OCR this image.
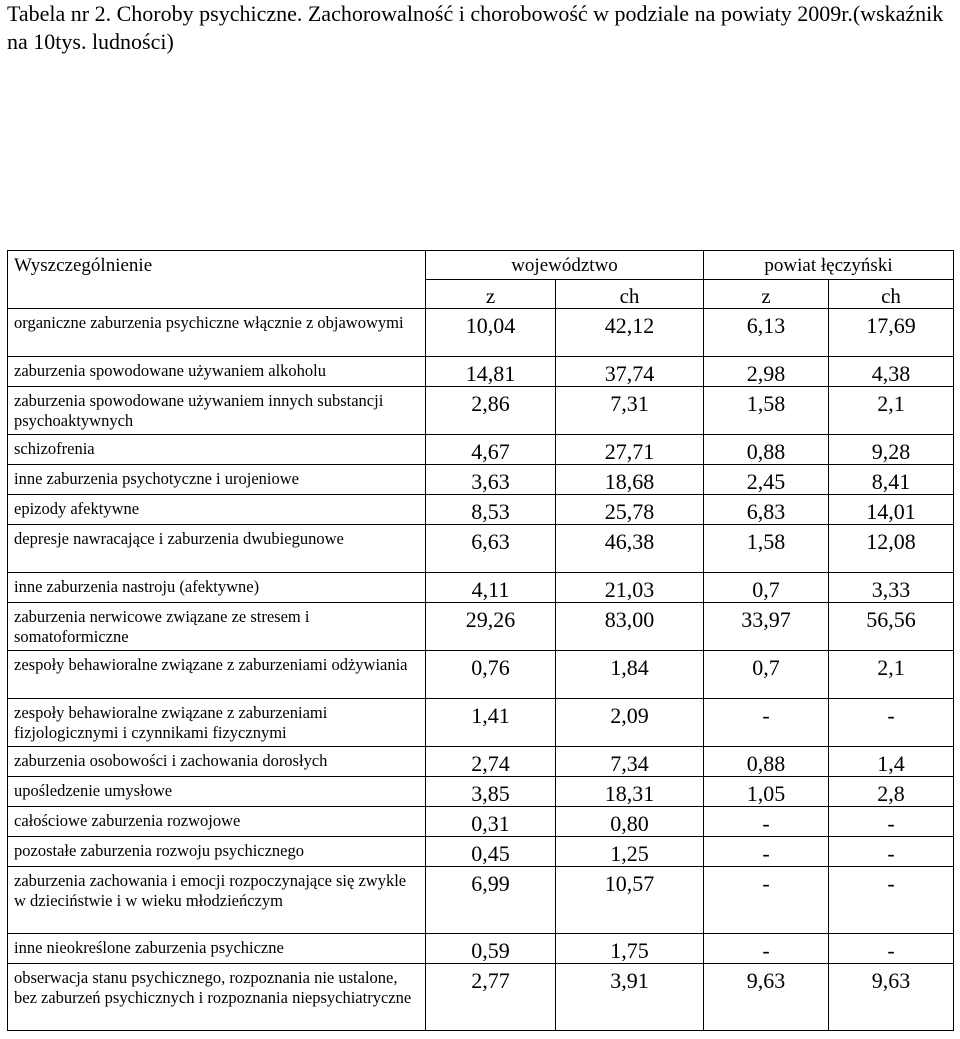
Tabela nr 2. Choroby psychiczne. Zachorowalność i chorobowość w podziale na powiaty 2009r.(wskaźnik na 10tys. ludności)
Wyszczególnienie	województwo		powiat łęczyński	
	z	ch	z	ch
organiczne zaburzenia psychiczne włącznie z objawowymi	10,04	42,12	6,13	17,69
zaburzenia spowodowane używaniem alkoholu	14,81	37,74	2,98	4,38
zaburzenia spowodowane używaniem innych substancji psychoaktywnych	2,86	7,31	1,58	2,1
schizofrenia	4,67	27,71	0,88	9,28
inne zaburzenia psychotyczne i urojeniowe	3,63	18,68	2,45	8,41
epizody afektywne	8,53	25,78	6,83	14,01
depresje nawracające i zaburzenia dwubiegunowe	6,63	46,38	1,58	12,08
inne zaburzenia nastroju (afektywne)	4,11	21,03	0,7	3,33
zaburzenia nerwicowe związane ze stresem i somatoformiczne	29,26	83,00	33,97	56,56
zespoły behawioralne związane z zaburzeniami odżywiania	0,76	1,84	0,7	2,1
zespoły behawioralne związane z zaburzeniami fizjologicznymi i czynnikami fizycznymi	1,41	2,09	-	-
zaburzenia osobowości i zachowania dorosłych	2,74	7,34	0,88	1,4
upośledzenie umysłowe	3,85	18,31	1,05	2,8
całościowe zaburzenia rozwojowe	0,31	0,80	-	-
pozostałe zaburzenia rozwoju psychicznego	0,45	1,25	-	-
zaburzenia zachowania i emocji rozpoczynające się zwykle w dzieciństwie i w wieku młodzieńczym	6,99	10,57	-	-
inne nieokreślone zaburzenia psychiczne	0,59	1,75	-	-
obserwacja stanu psychicznego, rozpoznania nie ustalone, bez zaburzeń psychicznych i rozpoznania niepsychiatryczne	2,77	3,91	9,63	9,63
